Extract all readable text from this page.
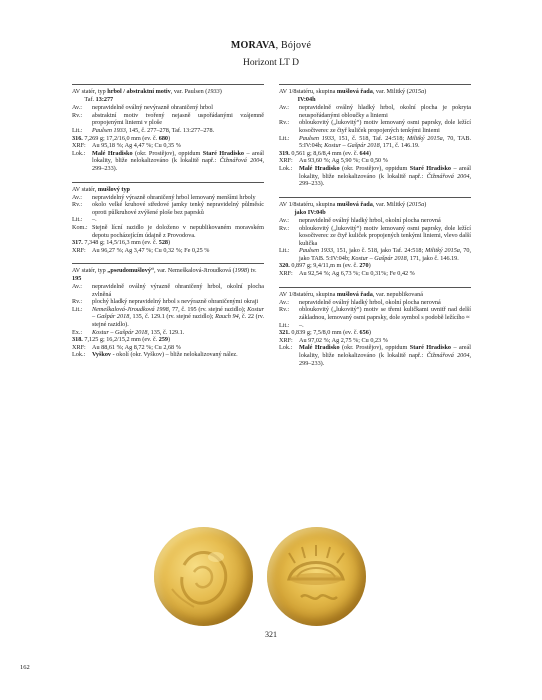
MORAVA, Bójové
Horizont LT D
AV statér, typ hrbol / abstraktní motiv, var. Paulsen (1933)
Taf. 13:277
Av.:	nepravidelně oválný nevýrazně ohraničený hrbol
Rv.:	abstraktní motiv tvořený nejasně uspořádanými vzájemně propojenými liniemi v ploše
Lit.:	Paulsen 1933, 145, č. 277–278, Taf. 13:277–278.
316. 7,269 g; 17,2/16,0 mm (ev. č. 680)
XRF:	Au 95,18 %; Ag 4,47 %; Cu 0,35 %
Lok.:	Malé Hradisko (okr. Prostějov), oppidum Staré Hradisko – areál lokality, bliže nelokalizováno (k lokalitě např.: Čižmářová 2004, 299–233).
AV statér, mušlový typ
Av.:	nepravidelný výrazně ohraničený hrbol lemovaný menšími hrboly
Rv.:	okolo velké kruhové středové jamky tenký nepravidelný půlměsíc oproti půlkruhové zvýšené ploše bez paprsků
Lit.:	–.
Kom.: Stejně lícní razidlo je doloženo v nepublikovaném moravském depotu pocházejícím údajně z Provodova.
317. 7,348 g; 14,5/16,3 mm (ev. č. 528)
XRF:	Au 96,27 %; Ag 3,47 %; Cu 0,32 %; Fe 0,25 %
AV statér, typ „pseudomušlový“, var. Nemeškalová-Jiroudková (1998) tv. 195
Av.:	nepravidelně oválný výrazně ohraničený hrbol, okolní plocha zvlněná
Rv.:	plochý hladký nepravidelný hrbol s nevýrazně ohraničenými okraji
Lit.:	Nemeškalová-Jiroudková 1998, 77, č. 195 (rv. stejné razidlo); Kostur – Gašpár 2018, 135, č. 129.1 (rv. stejné razidlo); Rauch 94, č. 22 (rv. stejné razidlo).
Ex.:	Kostur – Gašpár 2018, 135, č. 129.1.
318. 7,125 g; 16,2/15,2 mm (ev. č. 259)
XRF:	Au 88,61 %; Ag 8,72 %; Cu 2,68 %
Lok.:	Vyškov - okolí (okr. Vyškov) – bliže nelokalizovaný nález.
AV 1/8statéru, skupina mušlová řada, var. Militký (2015a)
IV:04h
Av.:	nepravidelně oválný hladký hrbol, okolní plocha je pokryta neuspořádanými obloučky a liniemi
Rv.:	obloukovitý („lukovitý“) motiv lemovaný osmi paprsky, dole ležící kosočtverec ze čtyř kuliček propojených tenkými liniemi
Lit.:	Paulsen 1933, 151, č. 518, Taf. 24:518; Militký 2015a, 70, TAB. 5:IV:04h; Kostur – Gašpár 2018, 171, č. 146.19.
319. 0,561 g; 8,6/8,4 mm (ev. č. 644)
XRF:	Au 93,60 %; Ag 5,90 %; Cu 0,50 %
Lok.:	Malé Hradisko (okr. Prostějov), oppidum Staré Hradisko – areál lokality, bliže nelokalizováno (k lokalitě např.: Čižmářová 2004, 299–233).
AV 1/8statéru, skupina mušlová řada, var. Militký (2015a)
jako IV:04b
Av.:	nepravidelně oválný hladký hrbol, okolní plocha nerovná
Rv.:	obloukovitý („lukovitý“) motiv lemovaný osmi paprsky, dole ležící kosočtverec ze čtyř kuliček propojených tenkými liniemi, vlevo další kulička
Lit.:	Paulsen 1933, 151, jako č. 518, jako Taf. 24:518; Militký 2015a, 70, jako TAB. 5:IV:04b; Kostur – Gašpár 2018, 171, jako č. 146.19.
320. 0,897 g; 9,4/11,m m (ev. č. 270)
XRF:	Au 92,54 %; Ag 6,73 %; Cu 0,31%; Fe 0,42 %
AV 1/8statéru, skupina mušlová řada, var. nepublikovaná
Av.:	nepravidelně oválný hladký hrbol, okolní plocha nerovná
Rv.:	obloukovitý („lukovitý“) motiv se třemi kuličkami uvnitř nad delší základnou, lemovaný osmi paprsky, dole symbol s podobě ležícího ≈
Lit.:	–.
321. 0,839 g; 7,5/8,0 mm (ev. č. 656)
XRF:	Au 97,02 %; Ag 2,75 %; Cu 0,23 %
Lok.:	Malé Hradisko (okr. Prostějov), oppidum Staré Hradisko – areál lokality, bliže nelokalizováno (k lokalitě např.: Čižmářová 2004, 299–233).
321
162
